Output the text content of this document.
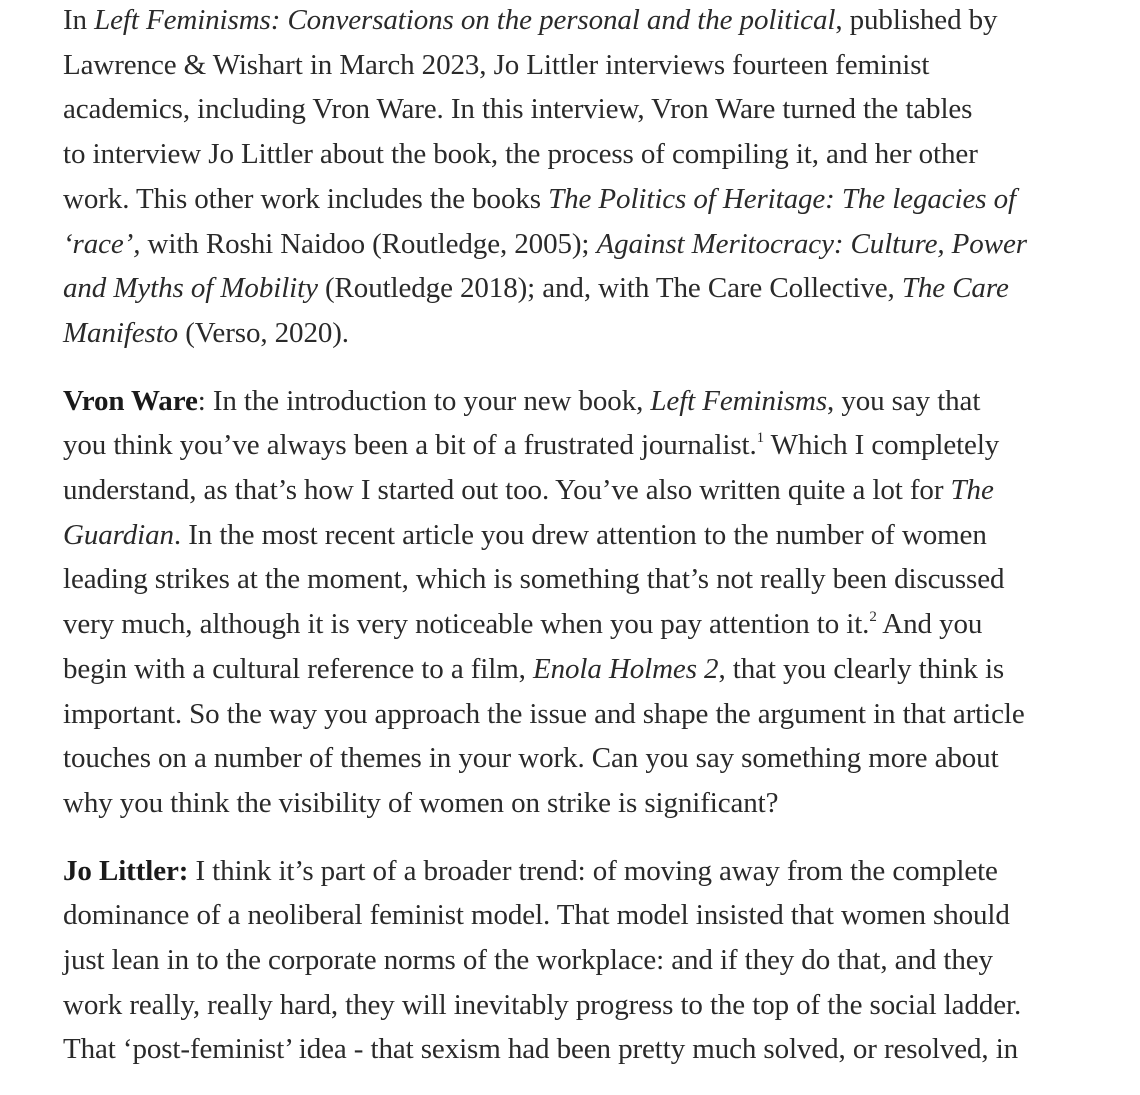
In Left Feminisms: Conversations on the personal and the political, published by
Lawrence & Wishart in March 2023, Jo Littler interviews fourteen feminist
academics, including Vron Ware. In this interview, Vron Ware turned the tables
to interview Jo Littler about the book, the process of compiling it, and her other
work. This other work includes the books The Politics of Heritage: The legacies of
‘race’, with Roshi Naidoo (Routledge, 2005); Against Meritocracy: Culture, Power
and Myths of Mobility (Routledge 2018); and, with The Care Collective, The Care
Manifesto (Verso, 2020).

Vron Ware: In the introduction to your new book, Left Feminisms, you say that
you think you’ve always been a bit of a frustrated journalist.$^1$ Which I completely
understand, as that’s how I started out too. You’ve also written quite a lot for The
Guardian. In the most recent article you drew attention to the number of women
leading strikes at the moment, which is something that’s not really been discussed
very much, although it is very noticeable when you pay attention to it.$^2$ And you
begin with a cultural reference to a film, Enola Holmes 2, that you clearly think is
important. So the way you approach the issue and shape the argument in that article
touches on a number of themes in your work. Can you say something more about
why you think the visibility of women on strike is significant?

Jo Littler: I think it’s part of a broader trend: of moving away from the complete
dominance of a neoliberal feminist model. That model insisted that women should
just lean in to the corporate norms of the workplace: and if they do that, and they
work really, really hard, they will inevitably progress to the top of the social ladder.
That ‘post-feminist’ idea - that sexism had been pretty much solved, or resolved, in
